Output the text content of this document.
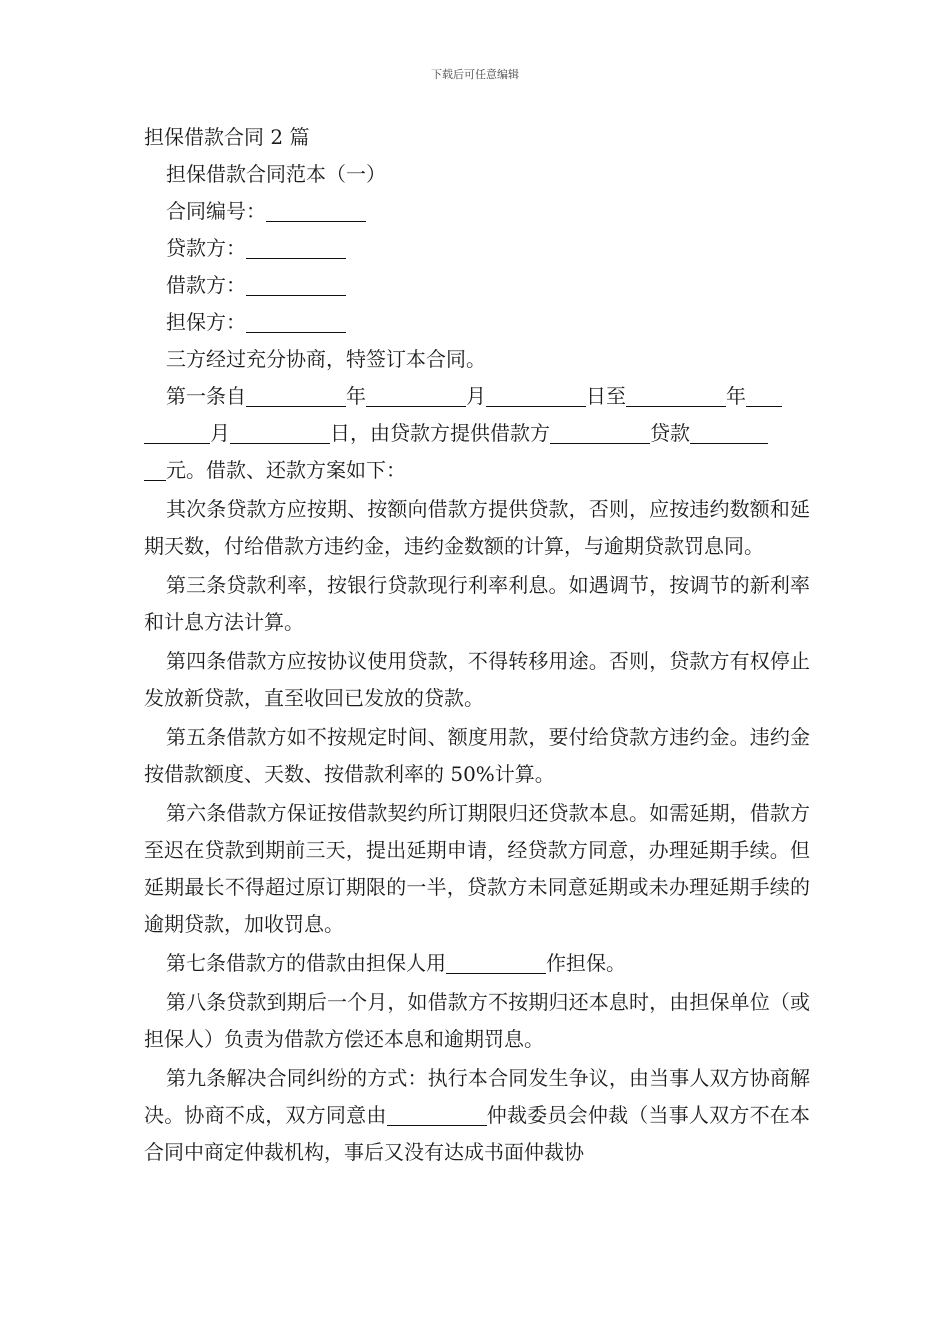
下载后可任意编辑
担保借款合同 2 篇
担保借款合同范本（一）
合同编号：
贷款方：
借款方：
担保方：
三方经过充分协商，特签订本合同。
第一条自	年	月	日至	年
月	日，由贷款方提供借款方	贷款
元。借款、还款方案如下：
其次条贷款方应按期、按额向借款方提供贷款，否则，应按违约数额和延期天数，付给借款方违约金，违约金数额的计算，与逾期贷款罚息同。
第三条贷款利率，按银行贷款现行利率利息。如遇调节，按调节的新利率和计息方法计算。
第四条借款方应按协议使用贷款，不得转移用途。否则，贷款方有权停止发放新贷款，直至收回已发放的贷款。
第五条借款方如不按规定时间、额度用款，要付给贷款方违约金。违约金按借款额度、天数、按借款利率的 50%计算。
第六条借款方保证按借款契约所订期限归还贷款本息。如需延期，借款方至迟在贷款到期前三天，提出延期申请，经贷款方同意，办理延期手续。但延期最长不得超过原订期限的一半，贷款方未同意延期或未办理延期手续的逾期贷款，加收罚息。
第七条借款方的借款由担保人用	作担保。
第八条贷款到期后一个月，如借款方不按期归还本息时，由担保单位（或担保人）负责为借款方偿还本息和逾期罚息。
第九条解决合同纠纷的方式：执行本合同发生争议，由当事人双方协商解决。协商不成，双方同意由	仲裁委员会仲裁（当事人双方不在本合同中商定仲裁机构，事后又没有达成书面仲裁协
